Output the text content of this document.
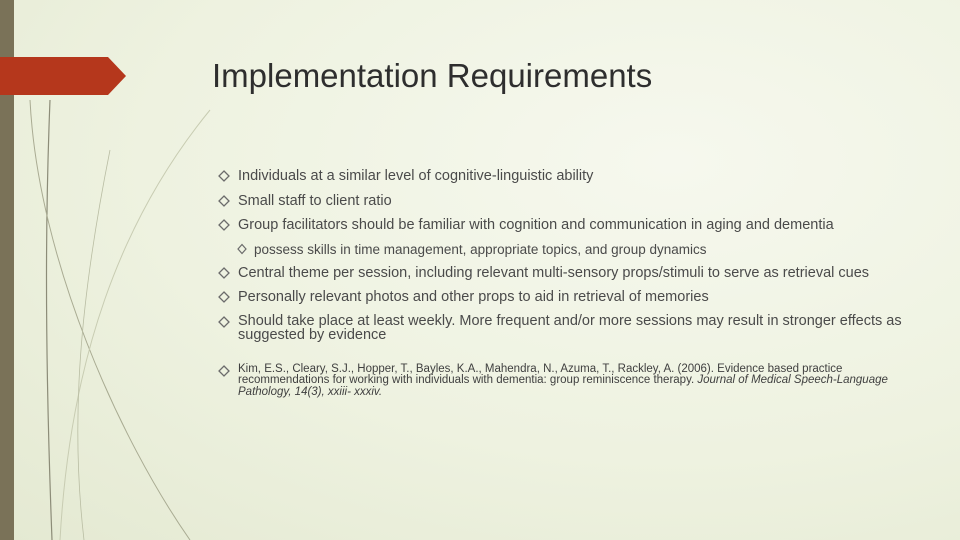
Implementation Requirements
Individuals at a similar level of cognitive-linguistic ability
Small staff to client ratio
Group facilitators should be familiar with cognition and communication in aging and dementia
possess skills in time management, appropriate topics, and group dynamics
Central theme per session, including relevant multi-sensory props/stimuli to serve as retrieval cues
Personally relevant photos and other props to aid in retrieval of memories
Should take place at least weekly. More frequent and/or more sessions may result in stronger effects as suggested by evidence
Kim, E.S., Cleary, S.J., Hopper, T., Bayles, K.A., Mahendra, N., Azuma, T., Rackley, A. (2006). Evidence based practice recommendations for working with individuals with dementia: group reminiscence therapy. Journal of Medical Speech-Language Pathology, 14(3), xxiii- xxxiv.
